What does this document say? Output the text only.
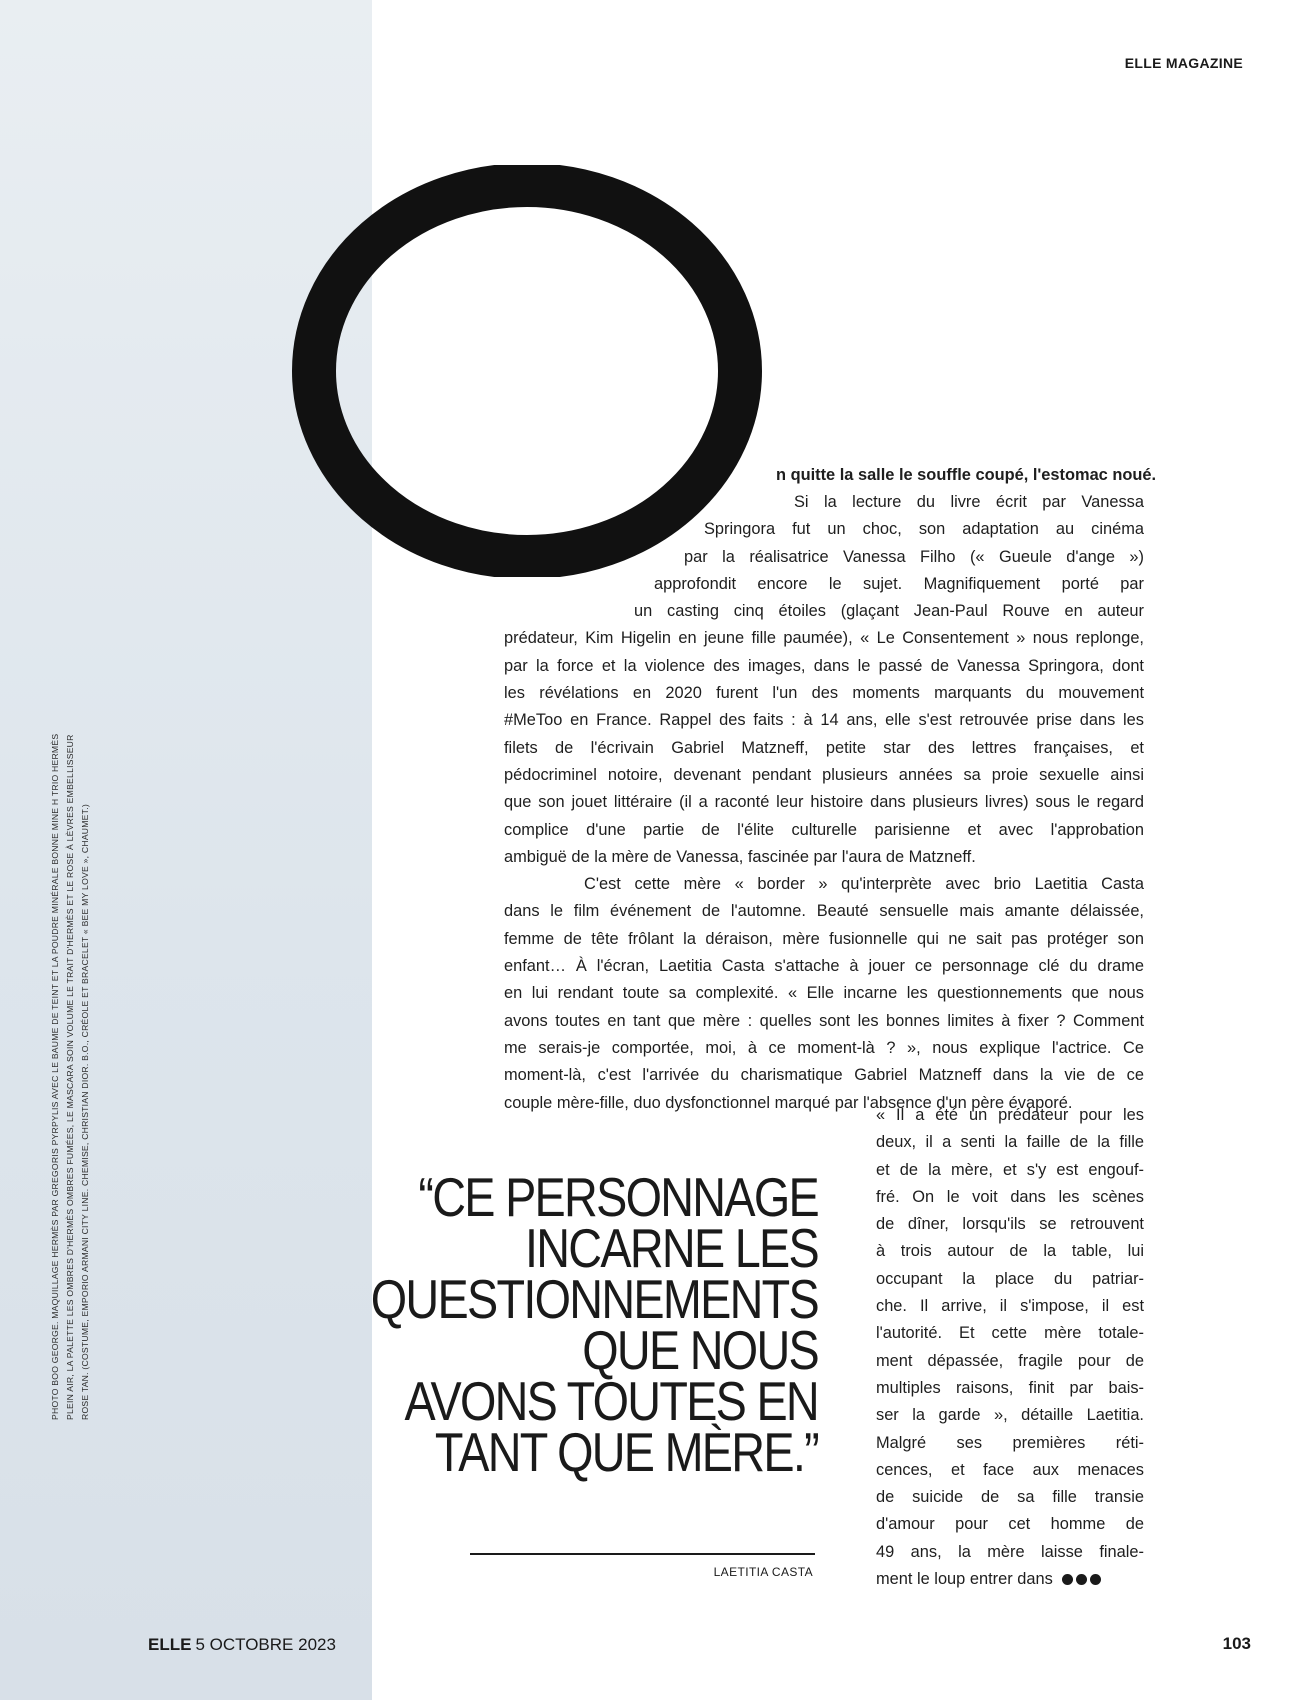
PHOTO BOO GEORGE. MAQUILLAGE HERMÈS PAR GREGORIS PYRPYLIS AVEC LE BAUME DE TEINT ET LA POUDRE MINÉRALE BONNE MINE H TRIO HERMÈS PLEIN AIR, LA PALETTE LES OMBRES D'HERMÈS OMBRES FUMÉES, LE MASCARA SOIN VOLUME LE TRAIT D'HERMÈS ET LE ROSE À LÈVRES EMBELLISSEUR ROSE TAN. (COSTUME, EMPORIO ARMANI CITY LINE. CHEMISE, CHRISTIAN DIOR. B.O., CRÉOLE ET BRACELET « BEE MY LOVE », CHAUMET.)
ELLE MAGAZINE
n quitte la salle le souffle coupé, l'estomac noué.
Si la lecture du livre écrit par Vanessa
Springora fut un choc, son adaptation au cinéma
par la réalisatrice Vanessa Filho (« Gueule d'ange »)
approfondit encore le sujet. Magnifiquement porté par
un casting cinq étoiles (glaçant Jean-Paul Rouve en auteur
prédateur, Kim Higelin en jeune fille paumée), « Le Consentement » nous replonge,
par la force et la violence des images, dans le passé de Vanessa Springora, dont
les révélations en 2020 furent l'un des moments marquants du mouvement
#MeToo en France. Rappel des faits : à 14 ans, elle s'est retrouvée prise dans les
filets de l'écrivain Gabriel Matzneff, petite star des lettres françaises, et
pédocriminel notoire, devenant pendant plusieurs années sa proie sexuelle ainsi
que son jouet littéraire (il a raconté leur histoire dans plusieurs livres) sous le regard
complice d'une partie de l'élite culturelle parisienne et avec l'approbation
ambiguë de la mère de Vanessa, fascinée par l'aura de Matzneff.
C'est cette mère « border » qu'interprète avec brio Laetitia Casta
dans le film événement de l'automne. Beauté sensuelle mais amante délaissée,
femme de tête frôlant la déraison, mère fusionnelle qui ne sait pas protéger son
enfant… À l'écran, Laetitia Casta s'attache à jouer ce personnage clé du drame
en lui rendant toute sa complexité. « Elle incarne les questionnements que nous
avons toutes en tant que mère : quelles sont les bonnes limites à fixer ? Comment
me serais-je comportée, moi, à ce moment-là ? », nous explique l'actrice. Ce
moment-là, c'est l'arrivée du charismatique Gabriel Matzneff dans la vie de ce
couple mère-fille, duo dysfonctionnel marqué par l'absence d'un père évaporé.
« Il a été un prédateur pour les
deux, il a senti la faille de la fille
et de la mère, et s'y est engouf-
fré. On le voit dans les scènes
de dîner, lorsqu'ils se retrouvent
à trois autour de la table, lui
occupant la place du patriar-
che. Il arrive, il s'impose, il est
l'autorité. Et cette mère totale-
ment dépassée, fragile pour de
multiples raisons, finit par bais-
ser la garde », détaille Laetitia.
Malgré ses premières réti-
cences, et face aux menaces
de suicide de sa fille transie
d'amour pour cet homme de
49 ans, la mère laisse finale-
ment le loup entrer dans
“CE PERSONNAGE
INCARNE LES
QUESTIONNEMENTS
QUE NOUS
AVONS TOUTES EN
TANT QUE MÈRE.”
LAETITIA CASTA
ELLE 5 OCTOBRE 2023	103
